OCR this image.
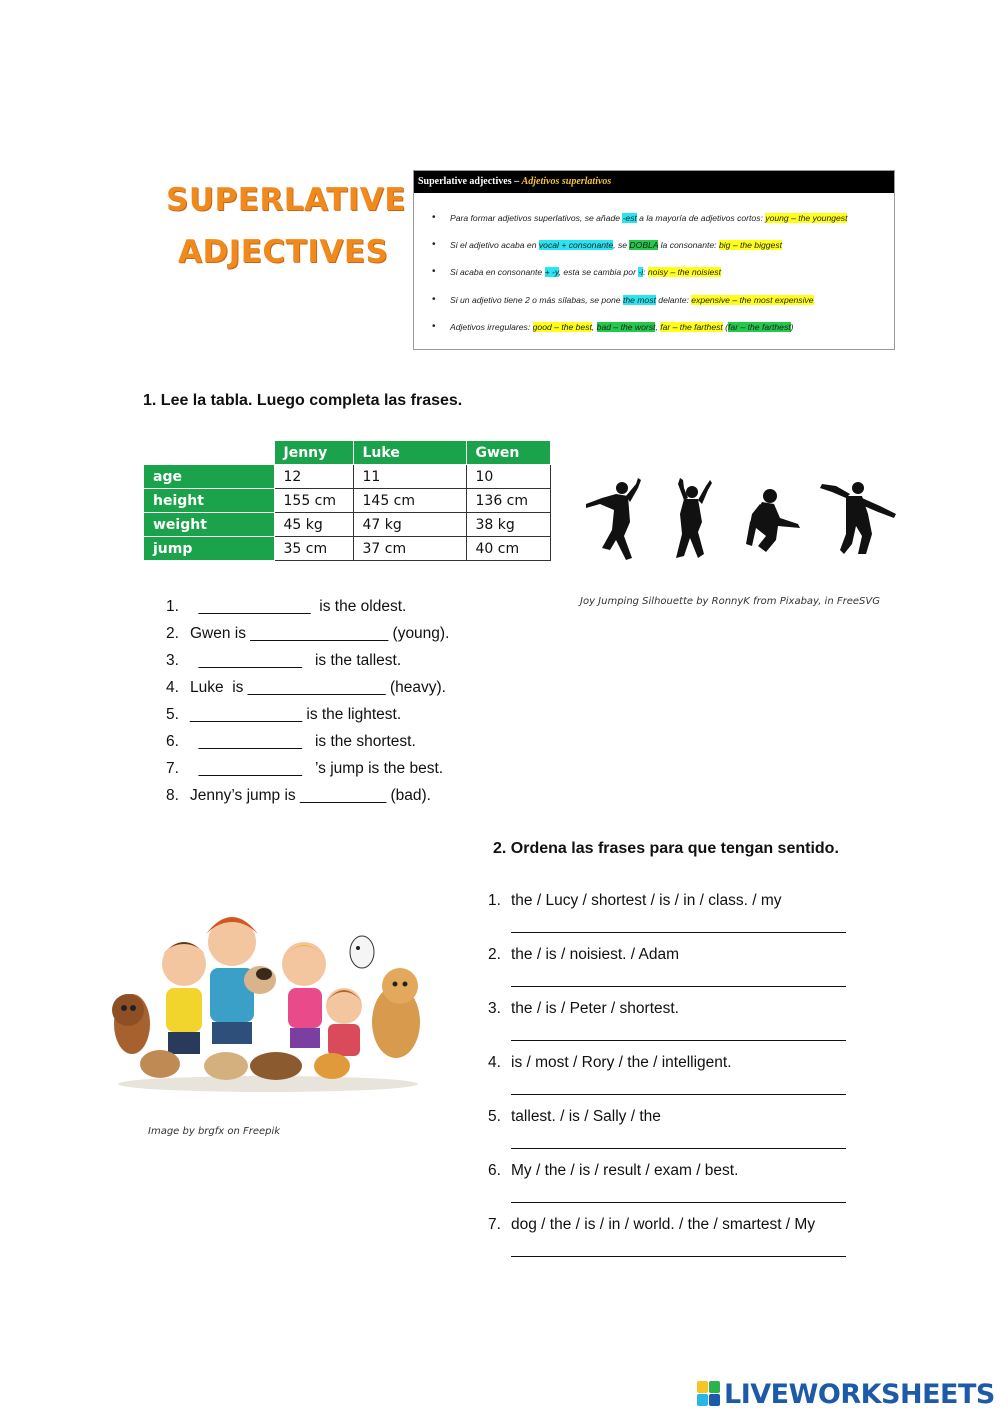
SUPERLATIVE
ADJECTIVES
Superlative adjectives – Adjetivos superlativos
• Para formar adjetivos superlativos, se añade -est a la mayoría de adjetivos cortos: young – the youngest
• Si el adjetivo acaba en vocal + consonante, se DOBLA la consonante: big – the biggest
• Si acaba en consonante + -y, esta se cambia por -i: noisy – the noisiest
• Si un adjetivo tiene 2 o más sílabas, se pone the most delante: expensive – the most expensive
• Adjetivos irregulares: good – the best, bad – the worst, far – the farthest (far – the farthest)
1. Lee la tabla. Luego completa las frases.
	Jenny	Luke	Gwen
age	12	11	10
height	155 cm	145 cm	136 cm
weight	45 kg	47 kg	38 kg
jump	35 cm	37 cm	40 cm
Joy Jumping Silhouette by RonnyK from Pixabay, in FreeSVG
1.  _____________  is the oldest.
2. Gwen is ________________ (young).
3.  ____________   is the tallest.
4. Luke  is ________________ (heavy).
5. _____________ is the lightest.
6.  ____________   is the shortest.
7.  ____________   ’s jump is the best.
8. Jenny’s jump is __________ (bad).
2. Ordena las frases para que tengan sentido.
Image by brgfx on Freepik
1. the / Lucy / shortest / is / in / class. / my
2. the / is / noisiest. / Adam
3. the / is / Peter / shortest.
4. is / most / Rory / the / intelligent.
5. tallest. / is / Sally / the
6. My / the / is / result / exam / best.
7. dog / the / is / in / world. / the / smartest / My
LIVEWORKSHEETS
